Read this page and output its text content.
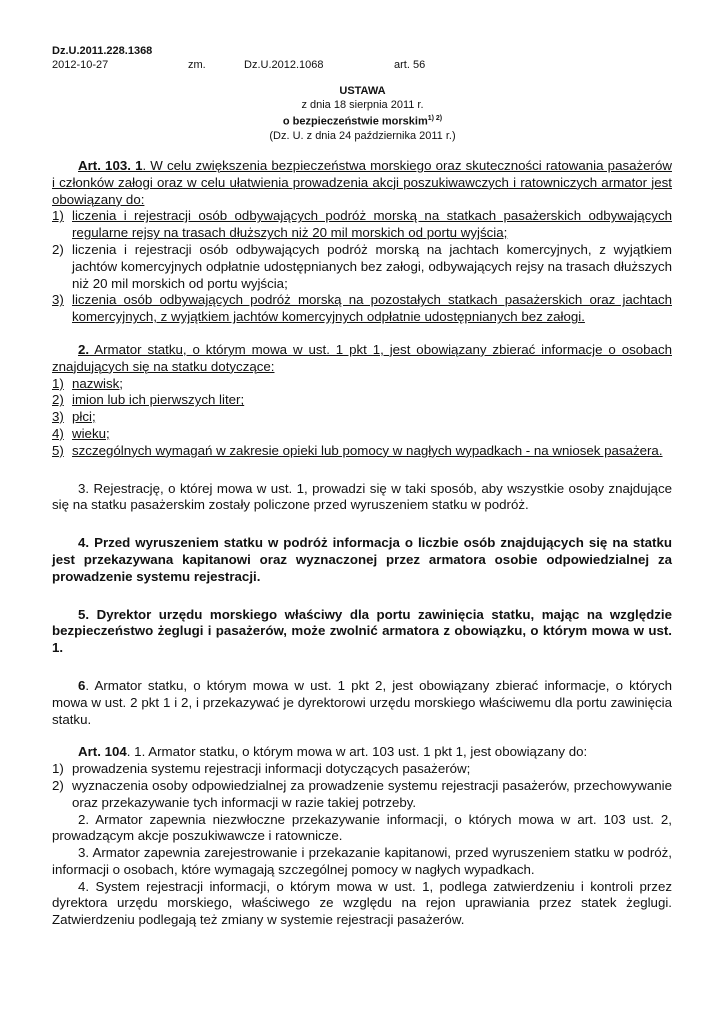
Dz.U.2011.228.1368
2012-10-27	zm.	Dz.U.2012.1068	art. 56
USTAWA
z dnia 18 sierpnia 2011 r.
o bezpieczeństwie morskim$^{1) 2)}$
(Dz. U. z dnia 24 października 2011 r.)

Art. 103. 1. W celu zwiększenia bezpieczeństwa morskiego oraz skuteczności ratowania pasażerów i członków załogi oraz w celu ułatwienia prowadzenia akcji poszukiwawczych i ratowniczych armator jest obowiązany do:

1) liczenia i rejestracji osób odbywających podróż morską na statkach pasażerskich odbywających regularne rejsy na trasach dłuższych niż 20 mil morskich od portu wyjścia;
2) liczenia i rejestracji osób odbywających podróż morską na jachtach komercyjnych, z wyjątkiem jachtów komercyjnych odpłatnie udostępnianych bez załogi, odbywających rejsy na trasach dłuższych niż 20 mil morskich od portu wyjścia;
3) liczenia osób odbywających podróż morską na pozostałych statkach pasażerskich oraz jachtach komercyjnych, z wyjątkiem jachtów komercyjnych odpłatnie udostępnianych bez załogi.

2. Armator statku, o którym mowa w ust. 1 pkt 1, jest obowiązany zbierać informacje o osobach znajdujących się na statku dotyczące:

1) nazwisk;
2) imion lub ich pierwszych liter;
3) płci;
4) wieku;
5) szczególnych wymagań w zakresie opieki lub pomocy w nagłych wypadkach - na wniosek pasażera.

3. Rejestrację, o której mowa w ust. 1, prowadzi się w taki sposób, aby wszystkie osoby znajdujące się na statku pasażerskim zostały policzone przed wyruszeniem statku w podróż.

4. Przed wyruszeniem statku w podróż informacja o liczbie osób znajdujących się na statku jest przekazywana kapitanowi oraz wyznaczonej przez armatora osobie odpowiedzialnej za prowadzenie systemu rejestracji.

5. Dyrektor urzędu morskiego właściwy dla portu zawinięcia statku, mając na względzie bezpieczeństwo żeglugi i pasażerów, może zwolnić armatora z obowiązku, o którym mowa w ust. 1.

6. Armator statku, o którym mowa w ust. 1 pkt 2, jest obowiązany zbierać informacje, o których mowa w ust. 2 pkt 1 i 2, i przekazywać je dyrektorowi urzędu morskiego właściwemu dla portu zawinięcia statku.

Art. 104. 1. Armator statku, o którym mowa w art. 103 ust. 1 pkt 1, jest obowiązany do:

1) prowadzenia systemu rejestracji informacji dotyczących pasażerów;
2) wyznaczenia osoby odpowiedzialnej za prowadzenie systemu rejestracji pasażerów, przechowywanie oraz przekazywanie tych informacji w razie takiej potrzeby.

2. Armator zapewnia niezwłoczne przekazywanie informacji, o których mowa w art. 103 ust. 2, prowadzącym akcje poszukiwawcze i ratownicze.

3. Armator zapewnia zarejestrowanie i przekazanie kapitanowi, przed wyruszeniem statku w podróż, informacji o osobach, które wymagają szczególnej pomocy w nagłych wypadkach.

4. System rejestracji informacji, o którym mowa w ust. 1, podlega zatwierdzeniu i kontroli przez dyrektora urzędu morskiego, właściwego ze względu na rejon uprawiania przez statek żeglugi. Zatwierdzeniu podlegają też zmiany w systemie rejestracji pasażerów.
